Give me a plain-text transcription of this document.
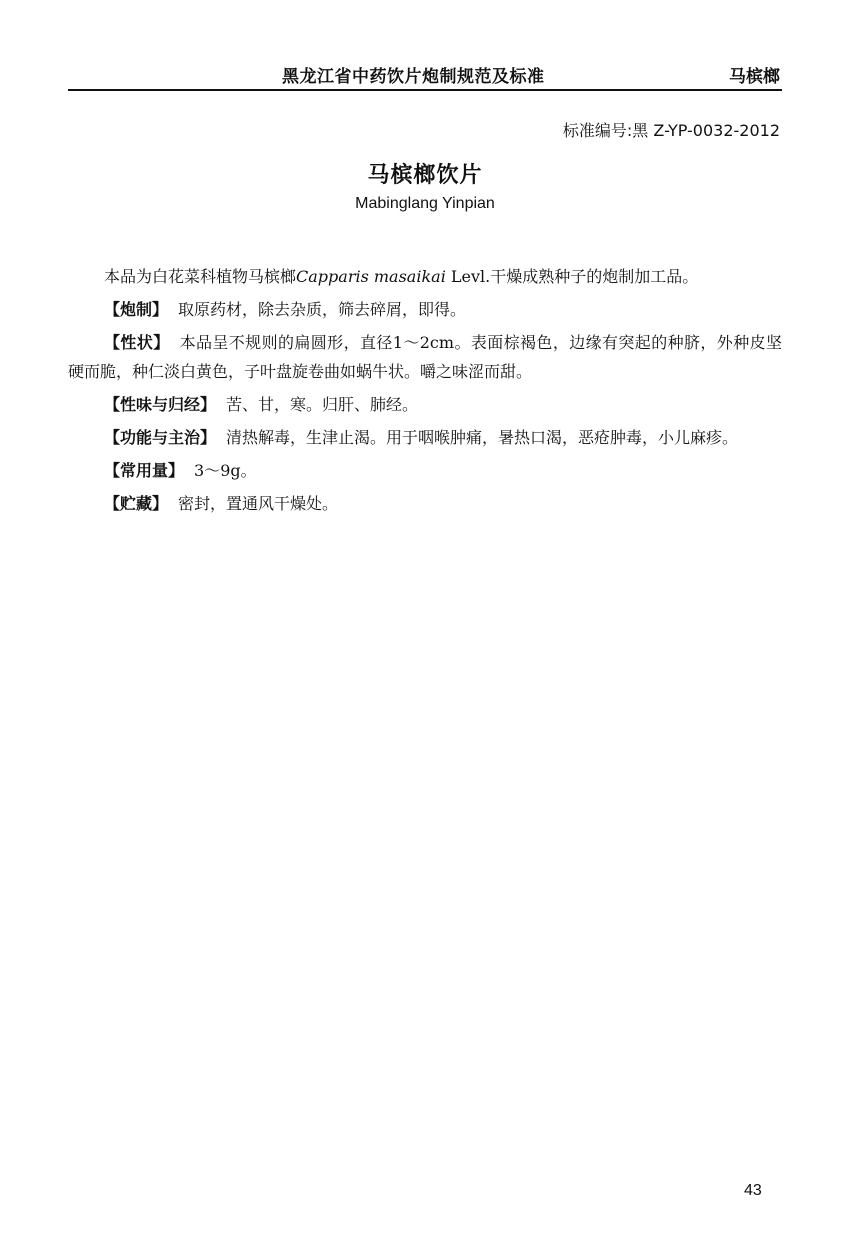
黑龙江省中药饮片炮制规范及标准	马槟榔
标准编号:黑 Z-YP-0032-2012
马槟榔饮片
Mabinglang Yinpian

本品为白花菜科植物马槟榔Capparis masaikai Levl.干燥成熟种子的炮制加工品。

【炮制】 取原药材，除去杂质，筛去碎屑，即得。

【性状】 本品呈不规则的扁圆形，直径1～2cm。表面棕褐色，边缘有突起的种脐，外种皮坚硬而脆，种仁淡白黄色，子叶盘旋卷曲如蜗牛状。嚼之味涩而甜。

【性味与归经】 苦、甘，寒。归肝、肺经。

【功能与主治】 清热解毒，生津止渴。用于咽喉肿痛，暑热口渴，恶疮肿毒，小儿麻疹。

【常用量】 3～9g。

【贮藏】 密封，置通风干燥处。

43
